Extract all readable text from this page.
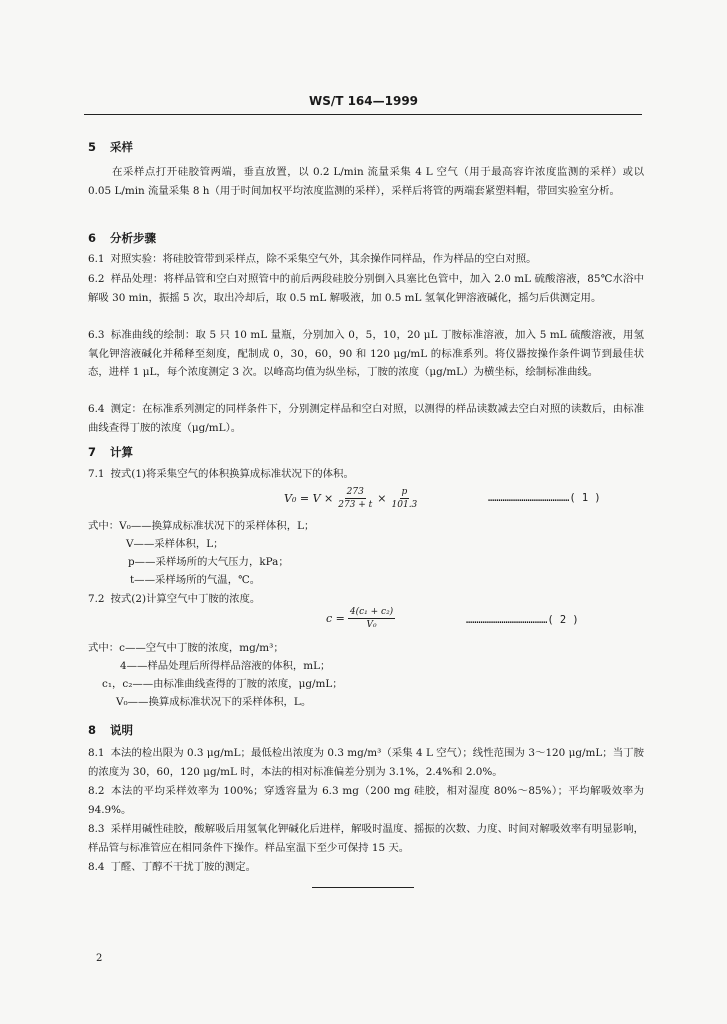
WS/T 164—1999
5 采样
在采样点打开硅胶管两端，垂直放置，以 0.2 L/min 流量采集 4 L 空气（用于最高容许浓度监测的采样）或以 0.05 L/min 流量采集 8 h（用于时间加权平均浓度监测的采样），采样后将管的两端套紧塑料帽，带回实验室分析。
6 分析步骤
6.1 对照实验：将硅胶管带到采样点，除不采集空气外，其余操作同样品，作为样品的空白对照。
6.2 样品处理：将样品管和空白对照管中的前后两段硅胶分别倒入具塞比色管中，加入 2.0 mL 硫酸溶液，85℃水浴中解吸 30 min，振摇 5 次，取出冷却后，取 0.5 mL 解吸液，加 0.5 mL 氢氧化钾溶液碱化，摇匀后供测定用。
6.3 标准曲线的绘制：取 5 只 10 mL 量瓶，分别加入 0，5，10，20 μL 丁胺标准溶液，加入 5 mL 硫酸溶液，用氢氧化钾溶液碱化并稀释至刻度，配制成 0，30，60，90 和 120 μg/mL 的标准系列。将仪器按操作条件调节到最佳状态，进样 1 μL，每个浓度测定 3 次。以峰高均值为纵坐标，丁胺的浓度（μg/mL）为横坐标，绘制标准曲线。
6.4 测定：在标准系列测定的同样条件下，分别测定样品和空白对照，以测得的样品读数减去空白对照的读数后，由标准曲线查得丁胺的浓度（μg/mL）。
7 计算
7.1 按式(1)将采集空气的体积换算成标准状况下的体积。
$V_0 = V \times \frac{273}{273 + t} \times \frac{p}{101.3}$	…………………………………( 1 )
式中：V₀——换算成标准状况下的采样体积，L；
V——采样体积，L；
p——采样场所的大气压力，kPa；
t——采样场所的气温，℃。
7.2 按式(2)计算空气中丁胺的浓度。
$c = \frac{\text{4(c₁ + c₂)}}{\text{V₀}}$	…………………………………( 2 )
式中：c——空气中丁胺的浓度，mg/m³；
4——样品处理后所得样品溶液的体积，mL；
c₁，c₂——由标准曲线查得的丁胺的浓度，μg/mL；
V₀——换算成标准状况下的采样体积，L。
8 说明
8.1 本法的检出限为 0.3 μg/mL；最低检出浓度为 0.3 mg/m³（采集 4 L 空气）；线性范围为 3～120 μg/mL；当丁胺的浓度为 30，60，120 μg/mL 时，本法的相对标准偏差分别为 3.1%，2.4%和 2.0%。
8.2 本法的平均采样效率为 100%；穿透容量为 6.3 mg（200 mg 硅胶，相对湿度 80%～85%）；平均解吸效率为 94.9%。
8.3 采样用碱性硅胶，酸解吸后用氢氧化钾碱化后进样，解吸时温度、摇振的次数、力度、时间对解吸效率有明显影响，样品管与标准管应在相同条件下操作。样品室温下至少可保持 15 天。
8.4 丁醛、丁醇不干扰丁胺的测定。
2
